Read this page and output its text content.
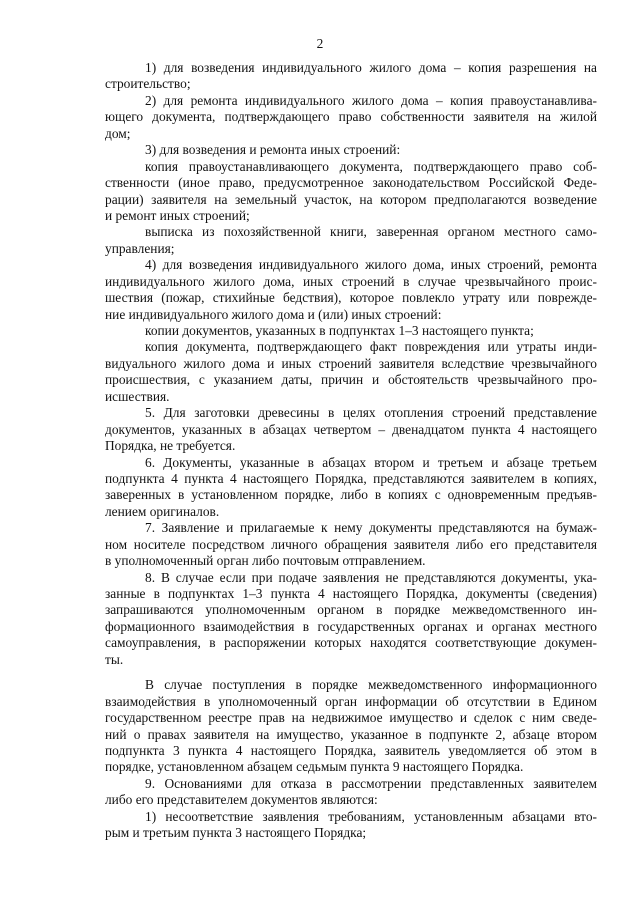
2
1) для возведения индивидуального жилого дома – копия разрешения на
строительство;
2) для ремонта индивидуального жилого дома – копия правоустанавлива-
ющего документа, подтверждающего право собственности заявителя на жилой
дом;
3) для возведения и ремонта иных строений:
копия правоустанавливающего документа, подтверждающего право соб-
ственности (иное право, предусмотренное законодательством Российской Феде-
рации) заявителя на земельный участок, на котором предполагаются возведение
и ремонт иных строений;
выписка из похозяйственной книги, заверенная органом местного само-
управления;
4) для возведения индивидуального жилого дома, иных строений, ремонта
индивидуального жилого дома, иных строений в случае чрезвычайного проис-
шествия (пожар, стихийные бедствия), которое повлекло утрату или поврежде-
ние индивидуального жилого дома и (или) иных строений:
копии документов, указанных в подпунктах 1–3 настоящего пункта;
копия документа, подтверждающего факт повреждения или утраты инди-
видуального жилого дома и иных строений заявителя вследствие чрезвычайного
происшествия, с указанием даты, причин и обстоятельств чрезвычайного про-
исшествия.
5. Для заготовки древесины в целях отопления строений представление
документов, указанных в абзацах четвертом – двенадцатом пункта 4 настоящего
Порядка, не требуется.
6. Документы, указанные в абзацах втором и третьем и абзаце третьем
подпункта 4 пункта 4 настоящего Порядка, представляются заявителем в копиях,
заверенных в установленном порядке, либо в копиях с одновременным предъяв-
лением оригиналов.
7. Заявление и прилагаемые к нему документы представляются на бумаж-
ном носителе посредством личного обращения заявителя либо его представителя
в уполномоченный орган либо почтовым отправлением.
8. В случае если при подаче заявления не представляются документы, ука-
занные в подпунктах 1–3 пункта 4 настоящего Порядка, документы (сведения)
запрашиваются уполномоченным органом в порядке межведомственного ин-
формационного взаимодействия в государственных органах и органах местного
самоуправления, в распоряжении которых находятся соответствующие докумен-
ты.
В случае поступления в порядке межведомственного информационного
взаимодействия в уполномоченный орган информации об отсутствии в Едином
государственном реестре прав на недвижимое имущество и сделок с ним сведе-
ний о правах заявителя на имущество, указанное в подпункте 2, абзаце втором
подпункта 3 пункта 4 настоящего Порядка, заявитель уведомляется об этом в
порядке, установленном абзацем седьмым пункта 9 настоящего Порядка.
9. Основаниями для отказа в рассмотрении представленных заявителем
либо его представителем документов являются:
1) несоответствие заявления требованиям, установленным абзацами вто-
рым и третьим пункта 3 настоящего Порядка;
